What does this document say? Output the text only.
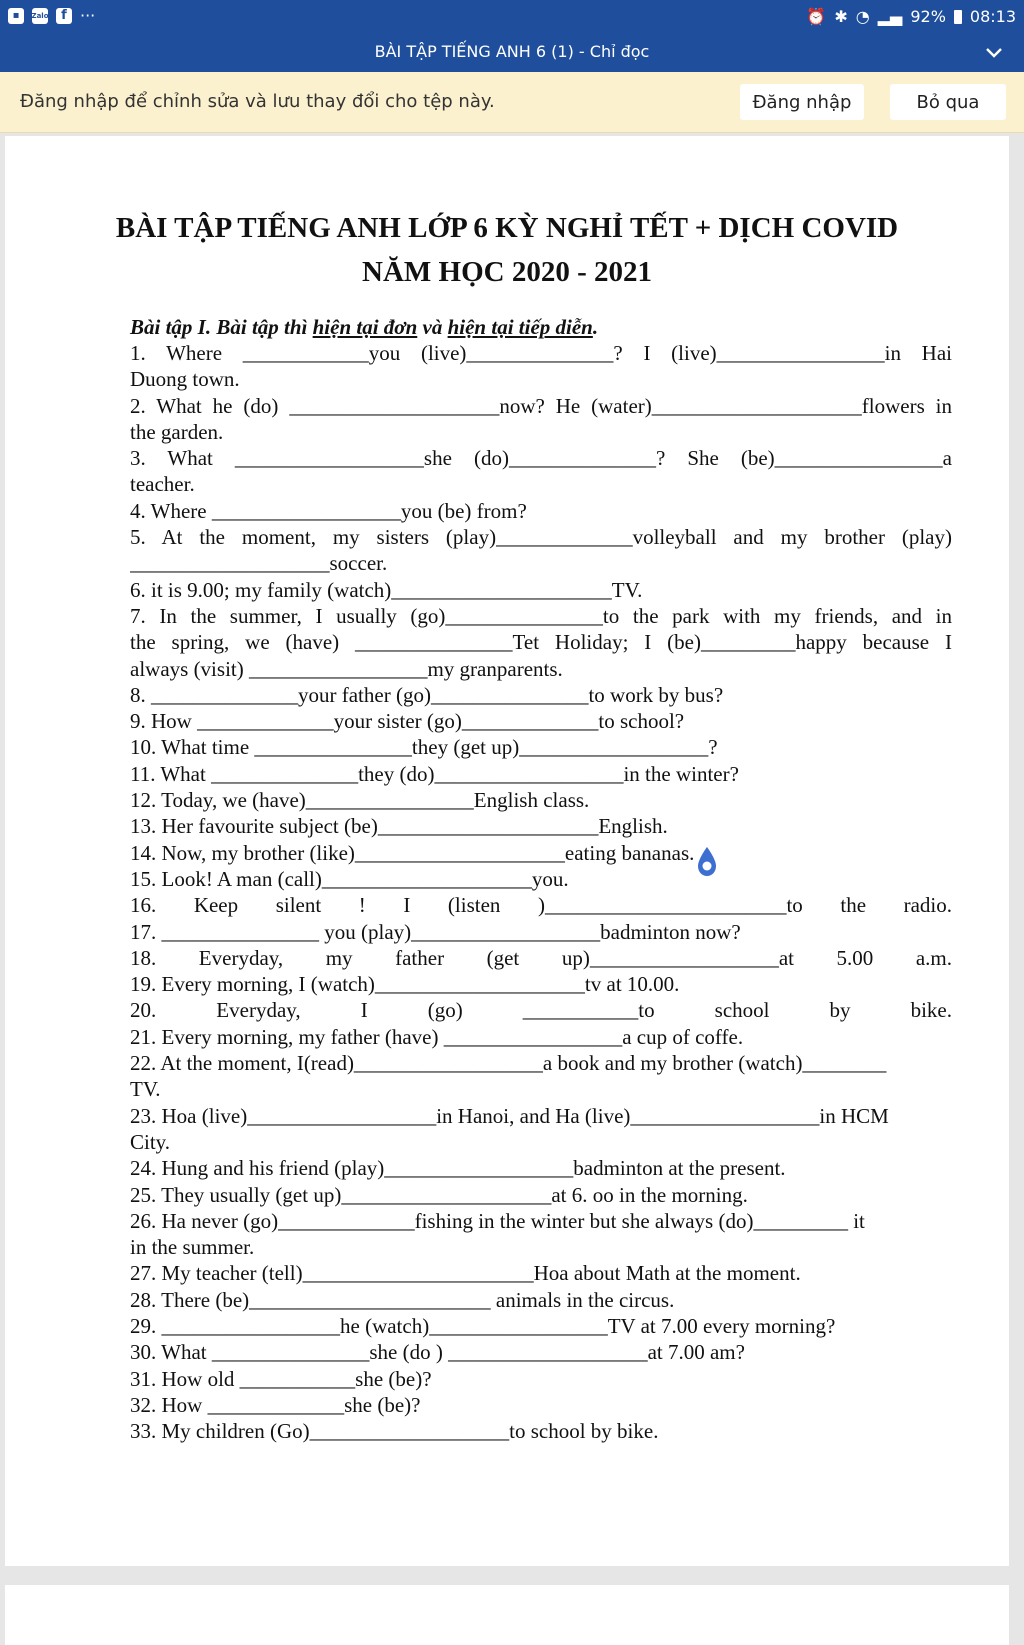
▪	Zalo f ···	⏰ ✱ ◔ ▂▄ 92% 08:13
BÀI TẬP TIẾNG ANH 6 (1) - Chỉ đọc
Đăng nhập để chỉnh sửa và lưu thay đổi cho tệp này.	Đăng nhập	Bỏ qua
BÀI TẬP TIẾNG ANH LỚP 6 KỲ NGHỈ TẾT + DỊCH COVID
NĂM HỌC 2020 - 2021
Bài tập I. Bài tập thì hiện tại đơn và hiện tại tiếp diễn.
1. Where ____________you (live)______________? I (live)________________in Hai
Duong town.
2. What he (do) ____________________now? He (water)____________________flowers in
the garden.
3. What __________________she (do)______________? She (be)________________a
teacher.
4. Where __________________you (be) from?
5. At the moment, my sisters (play)_____________volleyball and my brother (play)
___________________soccer.
6. it is 9.00; my family (watch)_____________________TV.
7. In the summer, I usually (go)_______________to the park with my friends, and in
the spring, we (have) _______________Tet Holiday; I (be)_________happy because I
always (visit) _________________my granparents.
8. ______________your father (go)_______________to work by bus?
9. How _____________your sister (go)_____________to school?
10. What time _______________they (get up)__________________?
11. What ______________they (do)__________________in the winter?
12. Today, we (have)________________English class.
13. Her favourite subject (be)_____________________English.
14. Now, my brother (like)____________________eating bananas.
15. Look! A man (call)____________________you.
16. Keep silent ! I (listen )_______________________to the radio.
17. _______________ you (play)__________________badminton now?
18. Everyday, my father (get up)__________________at 5.00 a.m.
19. Every morning, I (watch)____________________tv at 10.00.
20. Everyday, I (go) ___________to school by bike.
21. Every morning, my father (have) _________________a cup of coffe.
22. At the moment, I(read)__________________a book and my brother (watch)________
TV.
23. Hoa (live)__________________in Hanoi, and Ha (live)__________________in HCM
City.
24. Hung and his friend (play)__________________badminton at the present.
25. They usually (get up)____________________at 6. oo in the morning.
26. Ha never (go)_____________fishing in the winter but she always (do)_________ it
in the summer.
27. My teacher (tell)______________________Hoa about Math at the moment.
28. There (be)_______________________ animals in the circus.
29. _________________he (watch)_________________TV at 7.00 every morning?
30. What _______________she (do ) ___________________at 7.00 am?
31. How old ___________she (be)?
32. How _____________she (be)?
33. My children (Go)___________________to school by bike.
